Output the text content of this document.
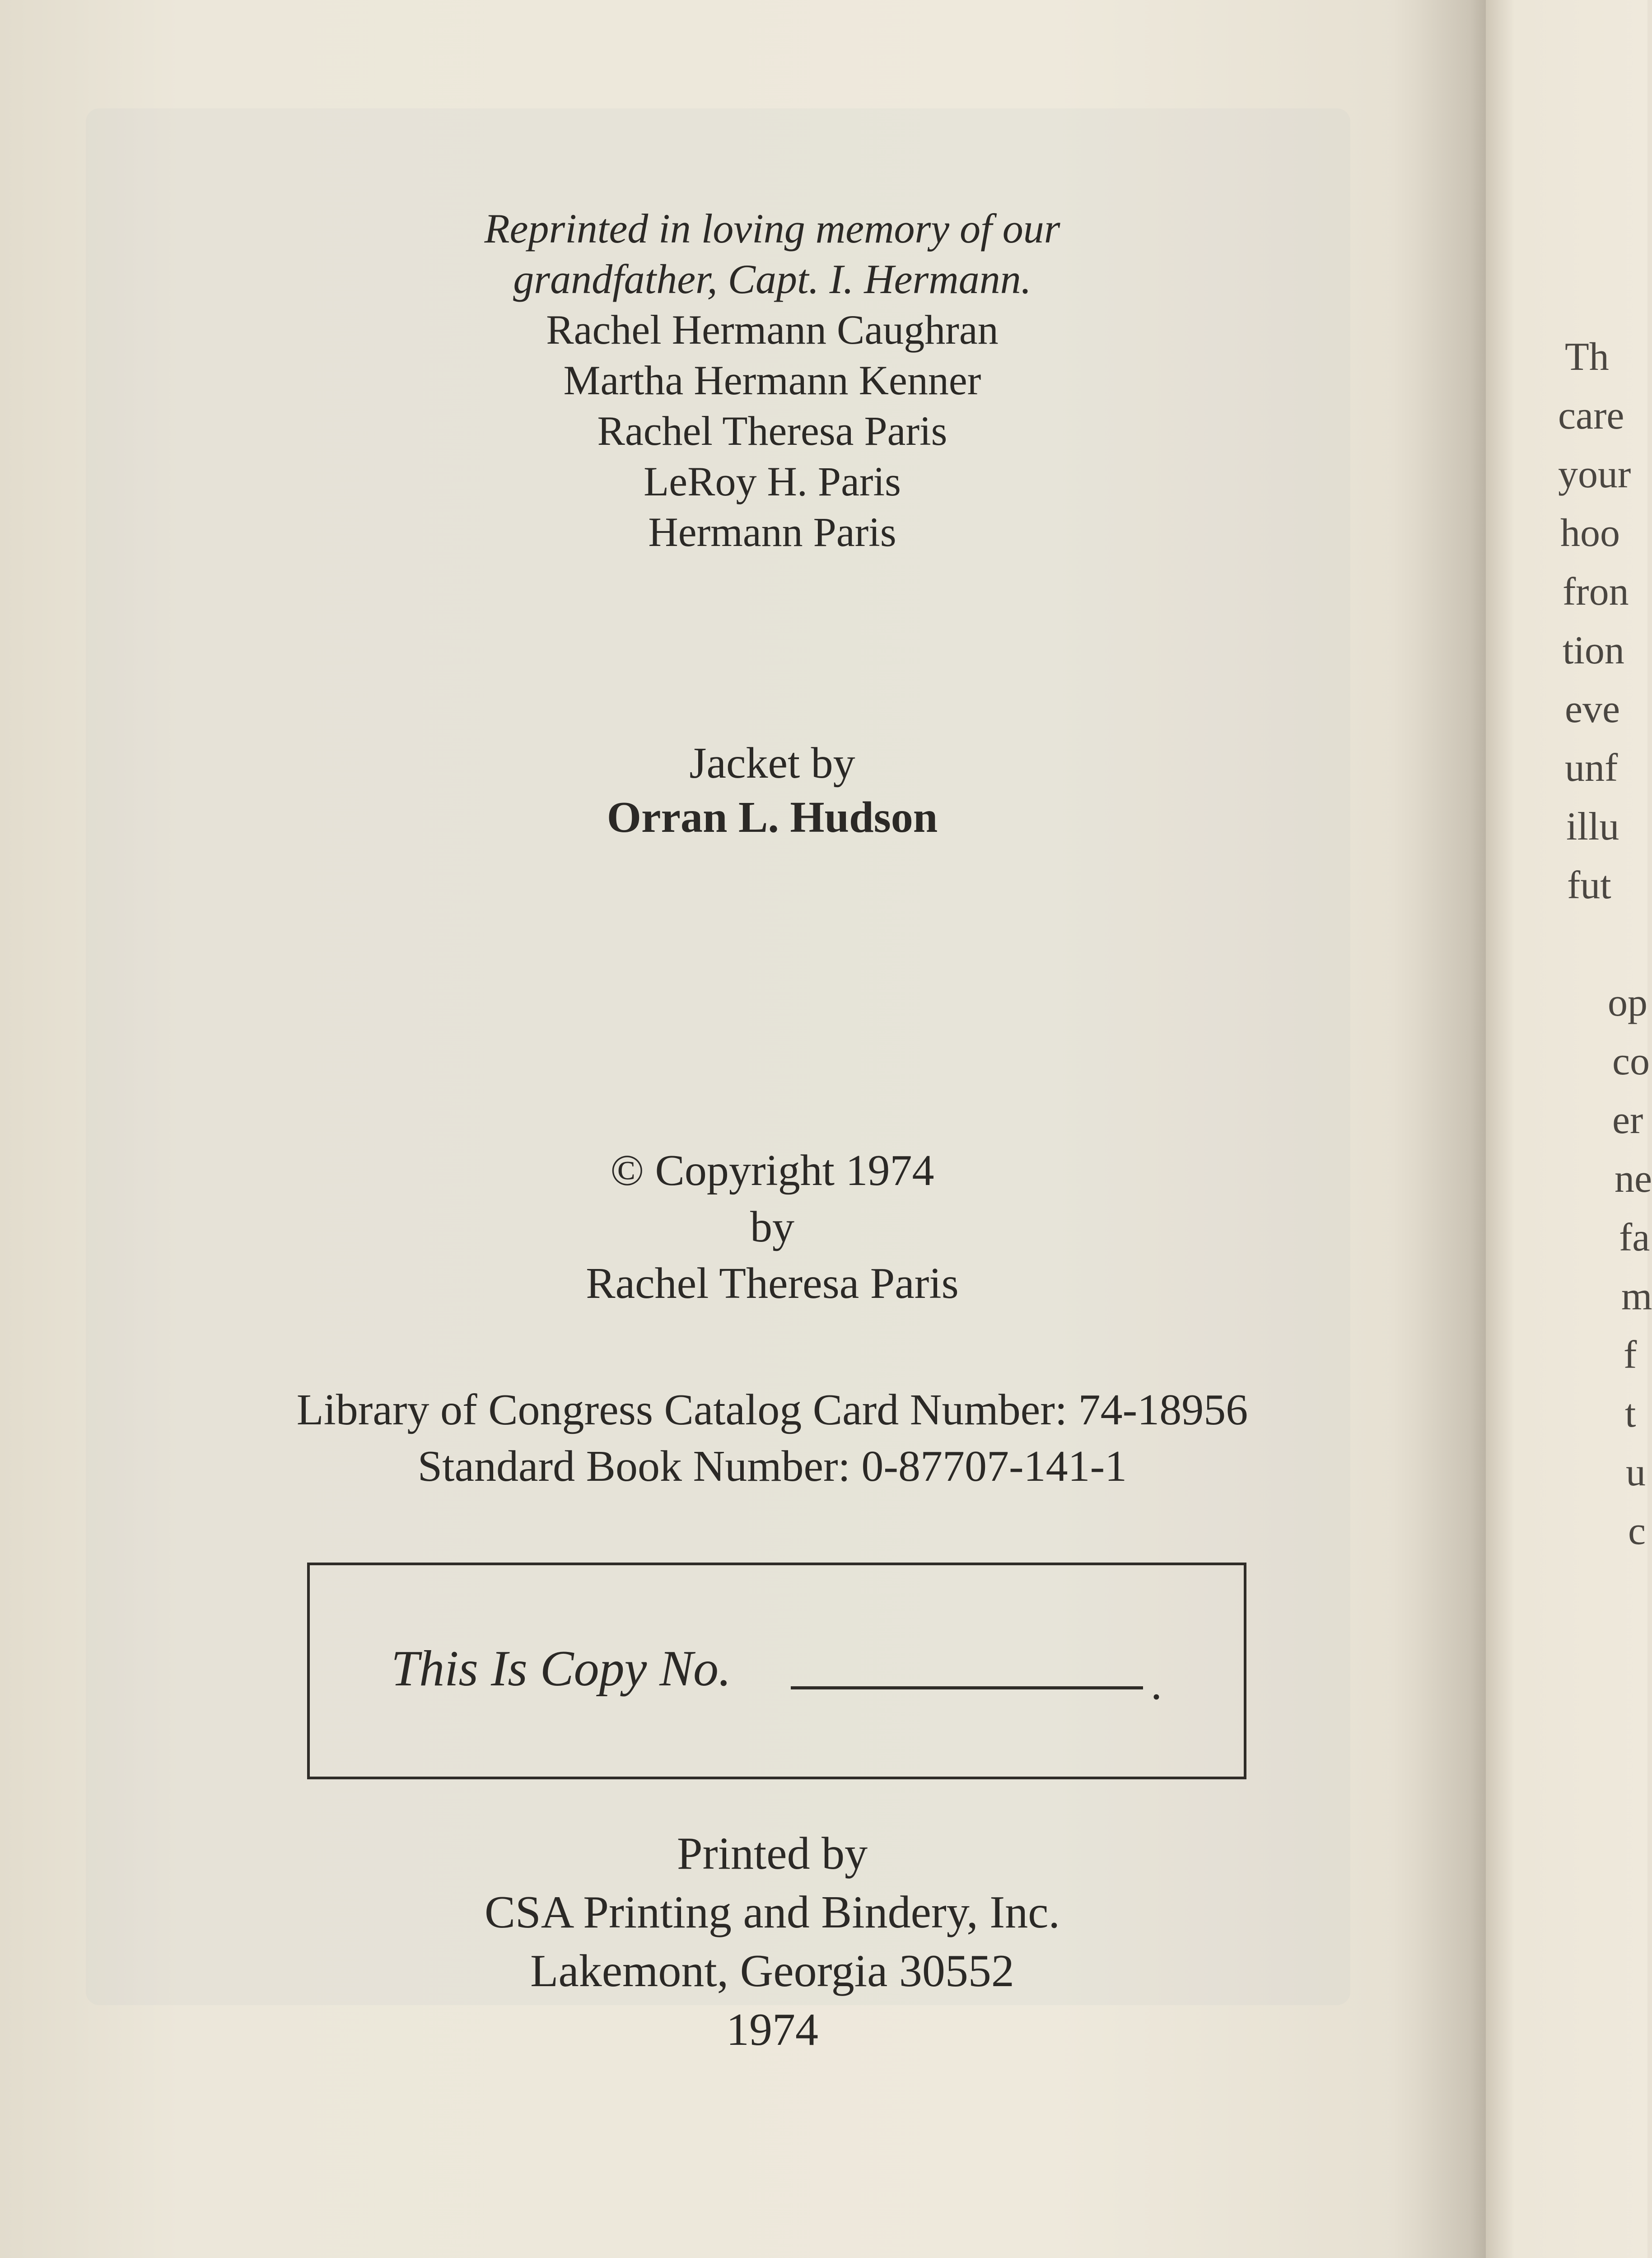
Reprinted in loving memory of our
grandfather, Capt. I. Hermann.
Rachel Hermann Caughran
Martha Hermann Kenner
Rachel Theresa Paris
LeRoy H. Paris
Hermann Paris
Jacket by
Orran L. Hudson
© Copyright 1974
by
Rachel Theresa Paris
Library of Congress Catalog Card Number: 74-18956
Standard Book Number: 0-87707-141-1
This Is Copy No.	.
Printed by
CSA Printing and Bindery, Inc.
Lakemont, Georgia 30552
1974
Th
care
your
hoo
fron
tion
eve
unf
illu
fut
op
co
er
ne
fa
m
f
t
u
c
